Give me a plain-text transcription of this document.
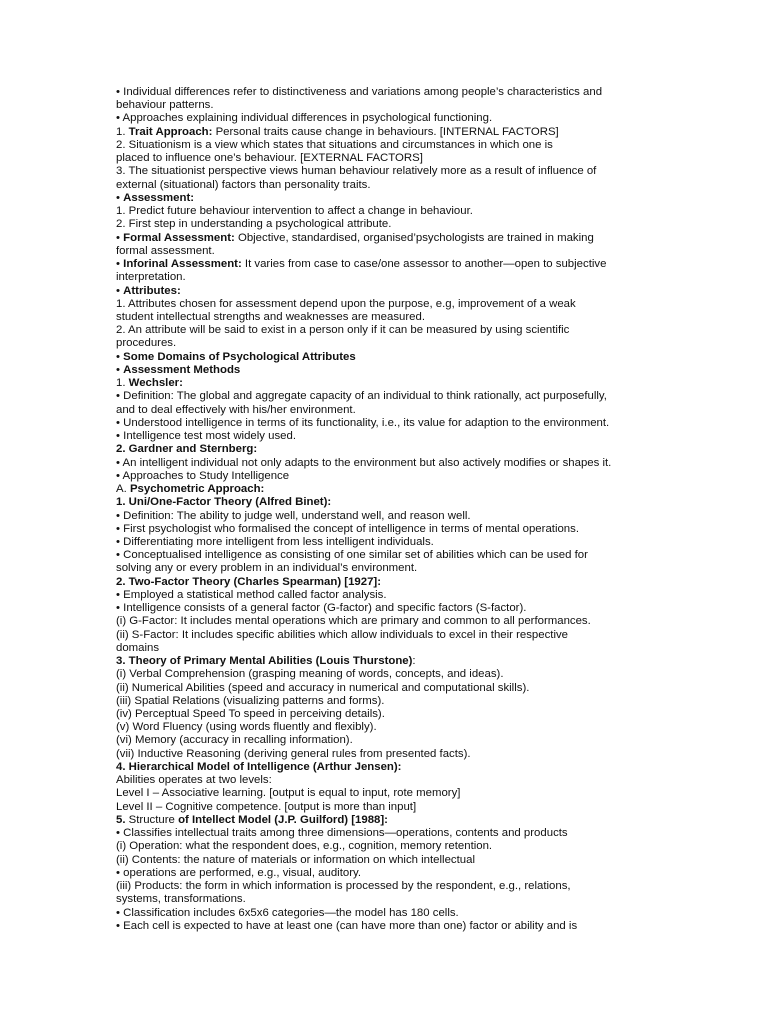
• Individual differences refer to distinctiveness and variations among people’s characteristics and
behaviour patterns.
• Approaches explaining individual differences in psychological functioning.
1. Trait Approach: Personal traits cause change in behaviours. [INTERNAL FACTORS]
2. Situationism is a view which states that situations and circumstances in which one is
placed to influence one’s behaviour. [EXTERNAL FACTORS]
3. The situationist perspective views human behaviour relatively more as a result of influence of
external (situational) factors than personality traits.
• Assessment:
1. Predict future behaviour intervention to affect a change in behaviour.
2. First step in understanding a psychological attribute.
• Formal Assessment: Objective, standardised, organised’psychologists are trained in making
formal assessment.
• Inforinal Assessment: It varies from case to case/one assessor to another—open to subjective
interpretation.
• Attributes:
1. Attributes chosen for assessment depend upon the purpose, e.g, improvement of a weak
student intellectual strengths and weaknesses are measured.
2. An attribute will be said to exist in a person only if it can be measured by using scientific
procedures.
• Some Domains of Psychological Attributes
• Assessment Methods
1. Wechsler:
• Definition: The global and aggregate capacity of an individual to think rationally, act purposefully,
and to deal effectively with his/her environment.
• Understood intelligence in terms of its functionality, i.e., its value for adaption to the environment.
• Intelligence test most widely used.
2. Gardner and Sternberg:
• An intelligent individual not only adapts to the environment but also actively modifies or shapes it.
• Approaches to Study Intelligence
A. Psychometric Approach:
1. Uni/One-Factor Theory (Alfred Binet):
• Definition: The ability to judge well, understand well, and reason well.
• First psychologist who formalised the concept of intelligence in terms of mental operations.
• Differentiating more intelligent from less intelligent individuals.
• Conceptualised intelligence as consisting of one similar set of abilities which can be used for
solving any or every problem in an individual’s environment.
2. Two-Factor Theory (Charles Spearman) [1927]:
• Employed a statistical method called factor analysis.
• Intelligence consists of a general factor (G-factor) and specific factors (S-factor).
(i) G-Factor: It includes mental operations which are primary and common to all performances.
(ii) S-Factor: It includes specific abilities which allow individuals to excel in their respective
domains
3. Theory of Primary Mental Abilities (Louis Thurstone):
(i) Verbal Comprehension (grasping meaning of words, concepts, and ideas).
(ii) Numerical Abilities (speed and accuracy in numerical and computational skills).
(iii) Spatial Relations (visualizing patterns and forms).
(iv) Perceptual Speed To speed in perceiving details).
(v) Word Fluency (using words fluently and flexibly).
(vi) Memory (accuracy in recalling information).
(vii) Inductive Reasoning (deriving general rules from presented facts).
4. Hierarchical Model of Intelligence (Arthur Jensen):
Abilities operates at two levels:
Level I – Associative learning. [output is equal to input, rote memory]
Level II – Cognitive competence. [output is more than input]
5. Structure of Intellect Model (J.P. Guilford) [1988]:
• Classifies intellectual traits among three dimensions—operations, contents and products
(i) Operation: what the respondent does, e.g., cognition, memory retention.
(ii) Contents: the nature of materials or information on which intellectual
• operations are performed, e.g., visual, auditory.
(iii) Products: the form in which information is processed by the respondent, e.g., relations,
systems, transformations.
• Classification includes 6x5x6 categories—the model has 180 cells.
• Each cell is expected to have at least one (can have more than one) factor or ability and is
